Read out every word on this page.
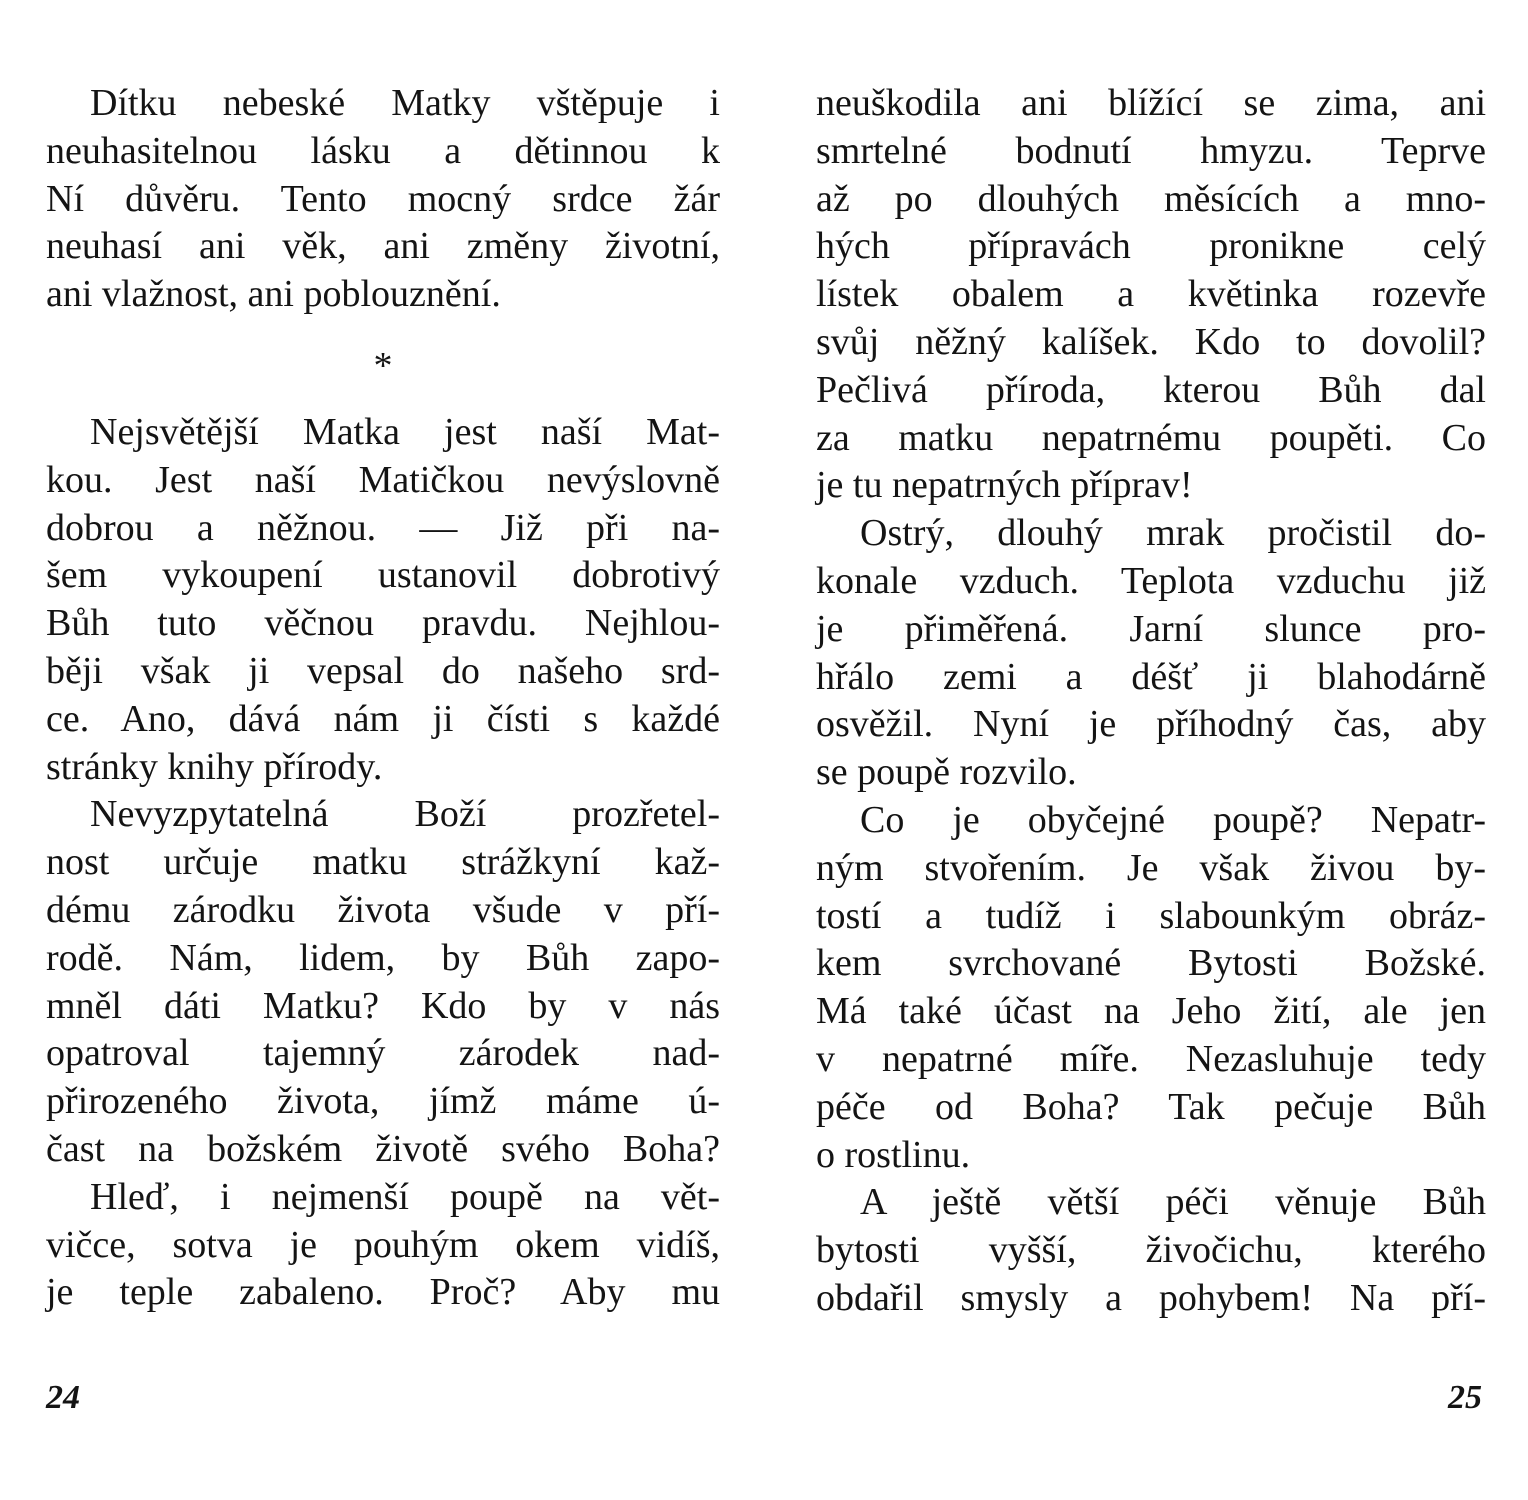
Dítku nebeské Matky vštěpuje i
neuhasitelnou lásku a dětinnou k
Ní důvěru. Tento mocný srdce žár
neuhasí ani věk, ani změny životní,
ani vlažnost, ani poblouznění.
*
Nejsvětější Matka jest naší Mat-
kou. Jest naší Matičkou nevýslovně
dobrou a něžnou. — Již při na-
šem vykoupení ustanovil dobrotivý
Bůh tuto věčnou pravdu. Nejhlou-
běji však ji vepsal do našeho srd-
ce. Ano, dává nám ji čísti s každé
stránky knihy přírody.
Nevyzpytatelná Boží prozřetel-
nost určuje matku strážkyní kaž-
dému zárodku života všude v pří-
rodě. Nám, lidem, by Bůh zapo-
mněl dáti Matku? Kdo by v nás
opatroval tajemný zárodek nad-
přirozeného života, jímž máme ú-
čast na božském životě svého Boha?
Hleď, i nejmenší poupě na vět-
vičce, sotva je pouhým okem vidíš,
je teple zabaleno. Proč? Aby mu
24
neuškodila ani blížící se zima, ani
smrtelné bodnutí hmyzu. Teprve
až po dlouhých měsících a mno-
hých přípravách pronikne celý
lístek obalem a květinka rozevře
svůj něžný kalíšek. Kdo to dovolil?
Pečlivá příroda, kterou Bůh dal
za matku nepatrnému poupěti. Co
je tu nepatrných příprav!
Ostrý, dlouhý mrak pročistil do-
konale vzduch. Teplota vzduchu již
je přiměřená. Jarní slunce pro-
hřálo zemi a déšť ji blahodárně
osvěžil. Nyní je příhodný čas, aby
se poupě rozvilo.
Co je obyčejné poupě? Nepatr-
ným stvořením. Je však živou by-
tostí a tudíž i slabounkým obráz-
kem svrchované Bytosti Božské.
Má také účast na Jeho žití, ale jen
v nepatrné míře. Nezasluhuje tedy
péče od Boha? Tak pečuje Bůh
o rostlinu.
A ještě větší péči věnuje Bůh
bytosti vyšší, živočichu, kterého
obdařil smysly a pohybem! Na pří-
25
